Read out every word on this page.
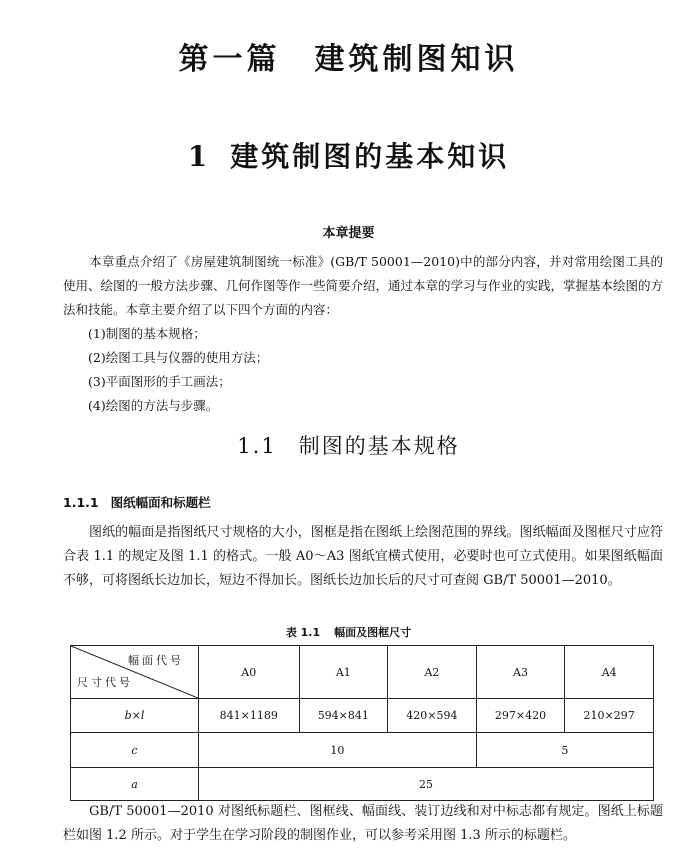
第一篇 建筑制图知识
1 建筑制图的基本知识
本章提要
本章重点介绍了《房屋建筑制图统一标准》(GB/T 50001—2010)中的部分内容，并对常用绘图工具的使用、绘图的一般方法步骤、几何作图等作一些简要介绍，通过本章的学习与作业的实践，掌握基本绘图的方法和技能。本章主要介绍了以下四个方面的内容：
(1)制图的基本规格；
(2)绘图工具与仪器的使用方法；
(3)平面图形的手工画法；
(4)绘图的方法与步骤。
1.1 制图的基本规格
1.1.1 图纸幅面和标题栏
图纸的幅面是指图纸尺寸规格的大小，图框是指在图纸上绘图范围的界线。图纸幅面及图框尺寸应符合表 1.1 的规定及图 1.1 的格式。一般 A0～A3 图纸宜横式使用，必要时也可立式使用。如果图纸幅面不够，可将图纸长边加长，短边不得加长。图纸长边加长后的尺寸可查阅 GB/T 50001—2010。
表 1.1 幅面及图框尺寸
幅面代号
尺寸代号	A0	A1	A2	A3	A4
b×l	841×1189	594×841	420×594	297×420	210×297
c	10			5	
a	25				
GB/T 50001—2010 对图纸标题栏、图框线、幅面线、装订边线和对中标志都有规定。图纸上标题栏如图 1.2 所示。对于学生在学习阶段的制图作业，可以参考采用图 1.3 所示的标题栏。
